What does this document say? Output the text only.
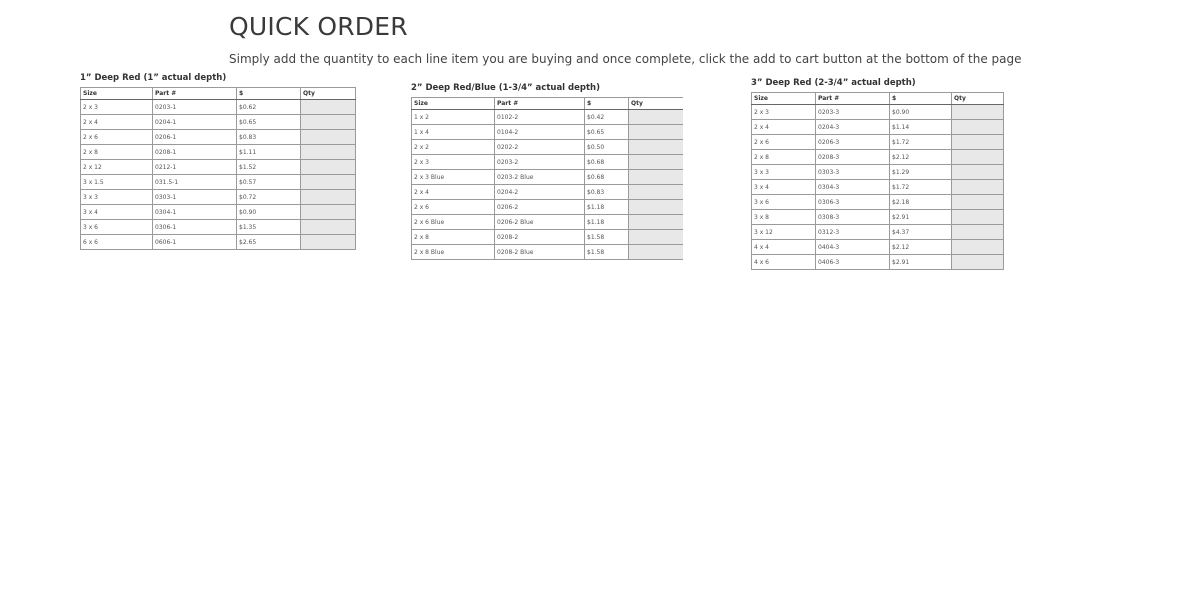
QUICK ORDER

Simply add the quantity to each line item you are buying and once complete, click the add to cart button at the bottom of the page

1” Deep Red (1” actual depth)
Size	Part #	$	Qty
2 x 3	0203-1	$0.62	
2 x 4	0204-1	$0.65	
2 x 6	0206-1	$0.83	
2 x 8	0208-1	$1.11	
2 x 12	0212-1	$1.52	
3 x 1.5	031.5-1	$0.57	
3 x 3	0303-1	$0.72	
3 x 4	0304-1	$0.90	
3 x 6	0306-1	$1.35	
6 x 6	0606-1	$2.65	
2” Deep Red/Blue (1-3/4” actual depth)
Size	Part #	$	Qty
1 x 2	0102-2	$0.42	
1 x 4	0104-2	$0.65	
2 x 2	0202-2	$0.50	
2 x 3	0203-2	$0.68	
2 x 3 Blue	0203-2 Blue	$0.68	
2 x 4	0204-2	$0.83	
2 x 6	0206-2	$1.18	
2 x 6 Blue	0206-2 Blue	$1.18	
2 x 8	0208-2	$1.58	
2 x 8 Blue	0208-2 Blue	$1.58	
3” Deep Red (2-3/4” actual depth)
Size	Part #	$	Qty
2 x 3	0203-3	$0.90	
2 x 4	0204-3	$1.14	
2 x 6	0206-3	$1.72	
2 x 8	0208-3	$2.12	
3 x 3	0303-3	$1.29	
3 x 4	0304-3	$1.72	
3 x 6	0306-3	$2.18	
3 x 8	0308-3	$2.91	
3 x 12	0312-3	$4.37	
4 x 4	0404-3	$2.12	
4 x 6	0406-3	$2.91	
